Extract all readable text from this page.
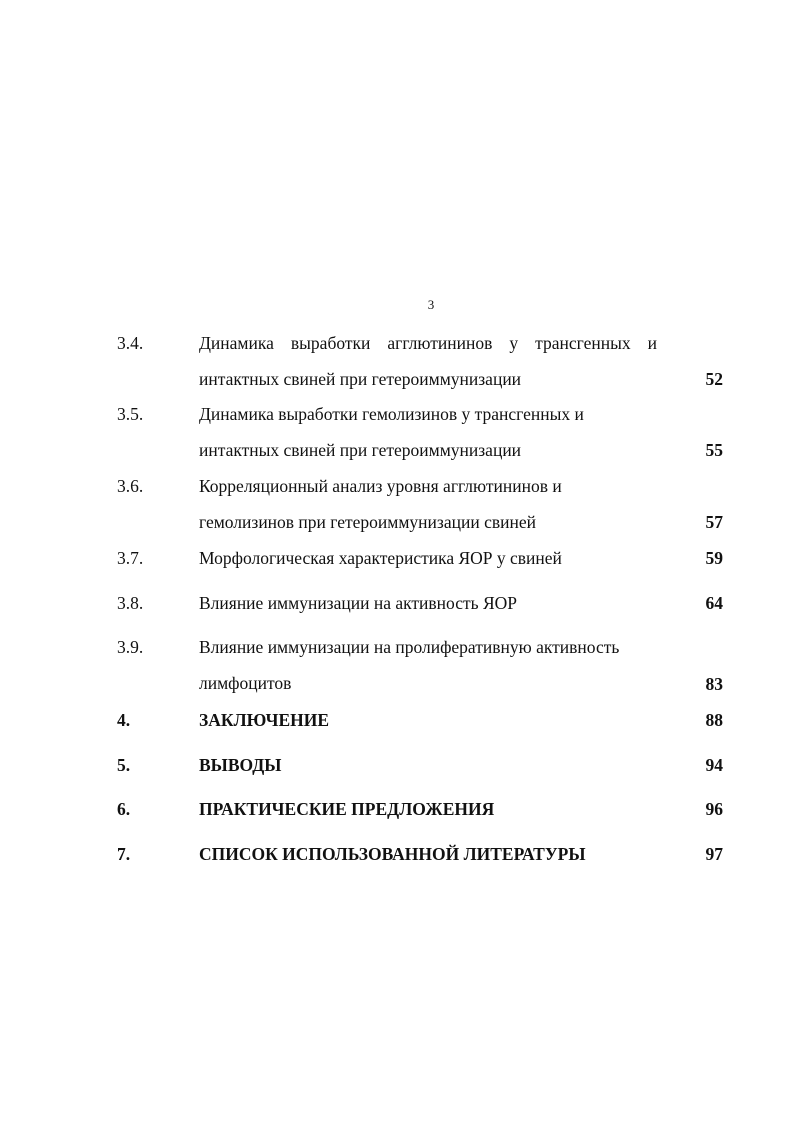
3
3.4.	Динамика выработки агглютининов у трансгенных и
интактных свиней при гетероиммунизации	52
3.5.	Динамика выработки гемолизинов у трансгенных и
интактных свиней при гетероиммунизации	55
3.6.	Корреляционный анализ уровня агглютининов и
гемолизинов при гетероиммунизации свиней	57
3.7.	Морфологическая характеристика ЯОР у свиней	59
3.8.	Влияние иммунизации на активность ЯОР	64
3.9.	Влияние иммунизации на пролиферативную активность
лимфоцитов	83
4.	ЗАКЛЮЧЕНИЕ	88
5.	ВЫВОДЫ	94
6.	ПРАКТИЧЕСКИЕ ПРЕДЛОЖЕНИЯ	96
7.	СПИСОК ИСПОЛЬЗОВАННОЙ ЛИТЕРАТУРЫ	97
